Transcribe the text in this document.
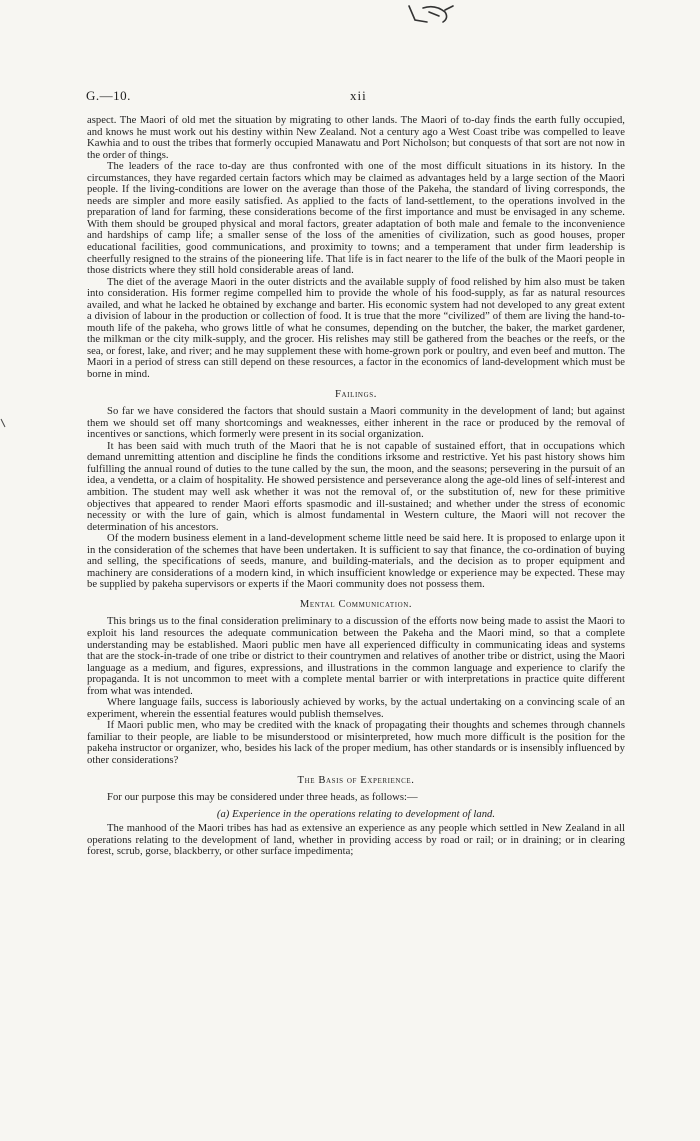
G.—10.	xii

aspect. The Maori of old met the situation by migrating to other lands. The Maori of to-day finds the earth fully occupied, and knows he must work out his destiny within New Zealand. Not a century ago a West Coast tribe was compelled to leave Kawhia and to oust the tribes that formerly occupied Manawatu and Port Nicholson; but conquests of that sort are not now in the order of things.

The leaders of the race to-day are thus confronted with one of the most difficult situations in its history. In the circumstances, they have regarded certain factors which may be claimed as advantages held by a large section of the Maori people. If the living-conditions are lower on the average than those of the Pakeha, the standard of living corresponds, the needs are simpler and more easily satisfied. As applied to the facts of land-settlement, to the operations involved in the preparation of land for farming, these considerations become of the first importance and must be envisaged in any scheme. With them should be grouped physical and moral factors, greater adaptation of both male and female to the inconvenience and hardships of camp life; a smaller sense of the loss of the amenities of civilization, such as good houses, proper educational facilities, good communications, and proximity to towns; and a temperament that under firm leadership is cheerfully resigned to the strains of the pioneering life. That life is in fact nearer to the life of the bulk of the Maori people in those districts where they still hold considerable areas of land.

The diet of the average Maori in the outer districts and the available supply of food relished by him also must be taken into consideration. His former regime compelled him to provide the whole of his food-supply, as far as natural resources availed, and what he lacked he obtained by exchange and barter. His economic system had not developed to any great extent a division of labour in the production or collection of food. It is true that the more “civilized” of them are living the hand-to-mouth life of the pakeha, who grows little of what he consumes, depending on the butcher, the baker, the market gardener, the milkman or the city milk-supply, and the grocer. His relishes may still be gathered from the beaches or the reefs, or the sea, or forest, lake, and river; and he may supplement these with home-grown pork or poultry, and even beef and mutton. The Maori in a period of stress can still depend on these resources, a factor in the economics of land-development which must be borne in mind.

Failings.

So far we have considered the factors that should sustain a Maori community in the development of land; but against them we should set off many shortcomings and weaknesses, either inherent in the race or produced by the removal of incentives or sanctions, which formerly were present in its social organization.

It has been said with much truth of the Maori that he is not capable of sustained effort, that in occupations which demand unremitting attention and discipline he finds the conditions irksome and restrictive. Yet his past history shows him fulfilling the annual round of duties to the tune called by the sun, the moon, and the seasons; persevering in the pursuit of an idea, a vendetta, or a claim of hospitality. He showed persistence and perseverance along the age-old lines of self-interest and ambition. The student may well ask whether it was not the removal of, or the substitution of, new for these primitive objectives that appeared to render Maori efforts spasmodic and ill-sustained; and whether under the stress of economic necessity or with the lure of gain, which is almost fundamental in Western culture, the Maori will not recover the determination of his ancestors.

Of the modern business element in a land-development scheme little need be said here. It is proposed to enlarge upon it in the consideration of the schemes that have been undertaken. It is sufficient to say that finance, the co-ordination of buying and selling, the specifications of seeds, manure, and building-materials, and the decision as to proper equipment and machinery are considerations of a modern kind, in which insufficient knowledge or experience may be expected. These may be supplied by pakeha supervisors or experts if the Maori community does not possess them.

Mental Communication.

This brings us to the final consideration preliminary to a discussion of the efforts now being made to assist the Maori to exploit his land resources the adequate communication between the Pakeha and the Maori mind, so that a complete understanding may be established. Maori public men have all experienced difficulty in communicating ideas and systems that are the stock-in-trade of one tribe or district to their countrymen and relatives of another tribe or district, using the Maori language as a medium, and figures, expressions, and illustrations in the common language and experience to clarify the propaganda. It is not uncommon to meet with a complete mental barrier or with interpretations in practice quite different from what was intended.

Where language fails, success is laboriously achieved by works, by the actual undertaking on a convincing scale of an experiment, wherein the essential features would publish themselves.

If Maori public men, who may be credited with the knack of propagating their thoughts and schemes through channels familiar to their people, are liable to be misunderstood or misinterpreted, how much more difficult is the position for the pakeha instructor or organizer, who, besides his lack of the proper medium, has other standards or is insensibly influenced by other considerations?

The Basis of Experience.

For our purpose this may be considered under three heads, as follows:—

(a) Experience in the operations relating to development of land.

The manhood of the Maori tribes has had as extensive an experience as any people which settled in New Zealand in all operations relating to the development of land, whether in providing access by road or rail; or in draining; or in clearing forest, scrub, gorse, blackberry, or other surface impedimenta;
